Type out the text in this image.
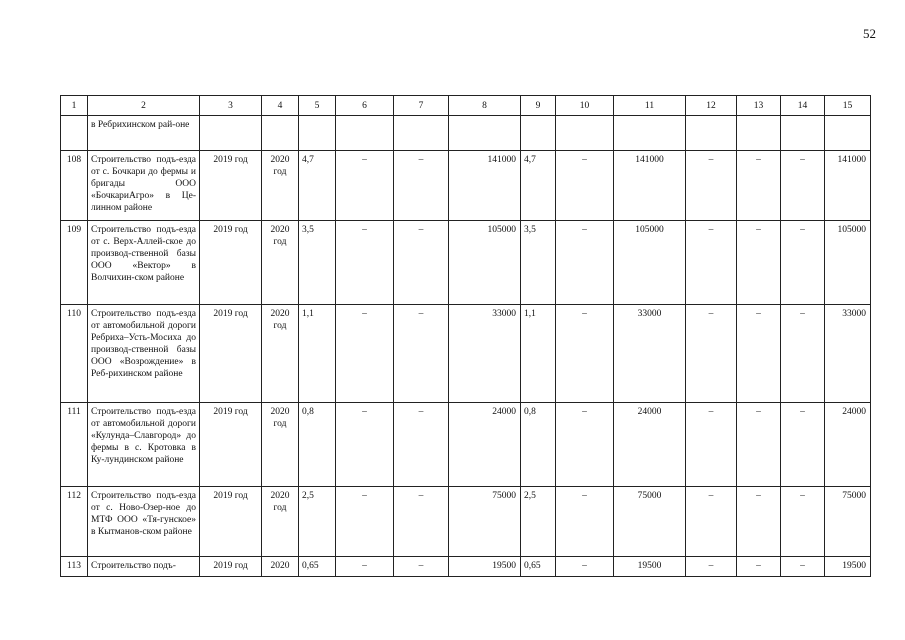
52
1	2	3	4	5	6	7	8	9	10	11	12	13	14	15
	в Ребрихинском рай-оне													
108	Строительство подъ-езда от с. Бочкари до фермы и бригады ООО «БочкариАгро» в Це-линном районе	2019 год	2020 год	4,7	–	–	141000	4,7	–	141000	–	–	–	141000
109	Строительство подъ-езда от с. Верх-Аллей-ское до производ-ственной базы ООО «Вектор» в Волчихин-ском районе	2019 год	2020 год	3,5	–	–	105000	3,5	–	105000	–	–	–	105000
110	Строительство подъ-езда от автомобильной дороги Ребриха–Усть-Мосиха до производ-ственной базы ООО «Возрождение» в Реб-рихинском районе	2019 год	2020 год	1,1	–	–	33000	1,1	–	33000	–	–	–	33000
111	Строительство подъ-езда от автомобильной дороги «Кулунда–Славгород» до фермы в с. Кротовка в Ку-лундинском районе	2019 год	2020 год	0,8	–	–	24000	0,8	–	24000	–	–	–	24000
112	Строительство подъ-езда от с. Ново-Озер-ное до МТФ ООО «Тя-гунское» в Кытманов-ском районе	2019 год	2020 год	2,5	–	–	75000	2,5	–	75000	–	–	–	75000
113	Строительство подъ-	2019 год	2020	0,65	–	–	19500	0,65	–	19500	–	–	–	19500
